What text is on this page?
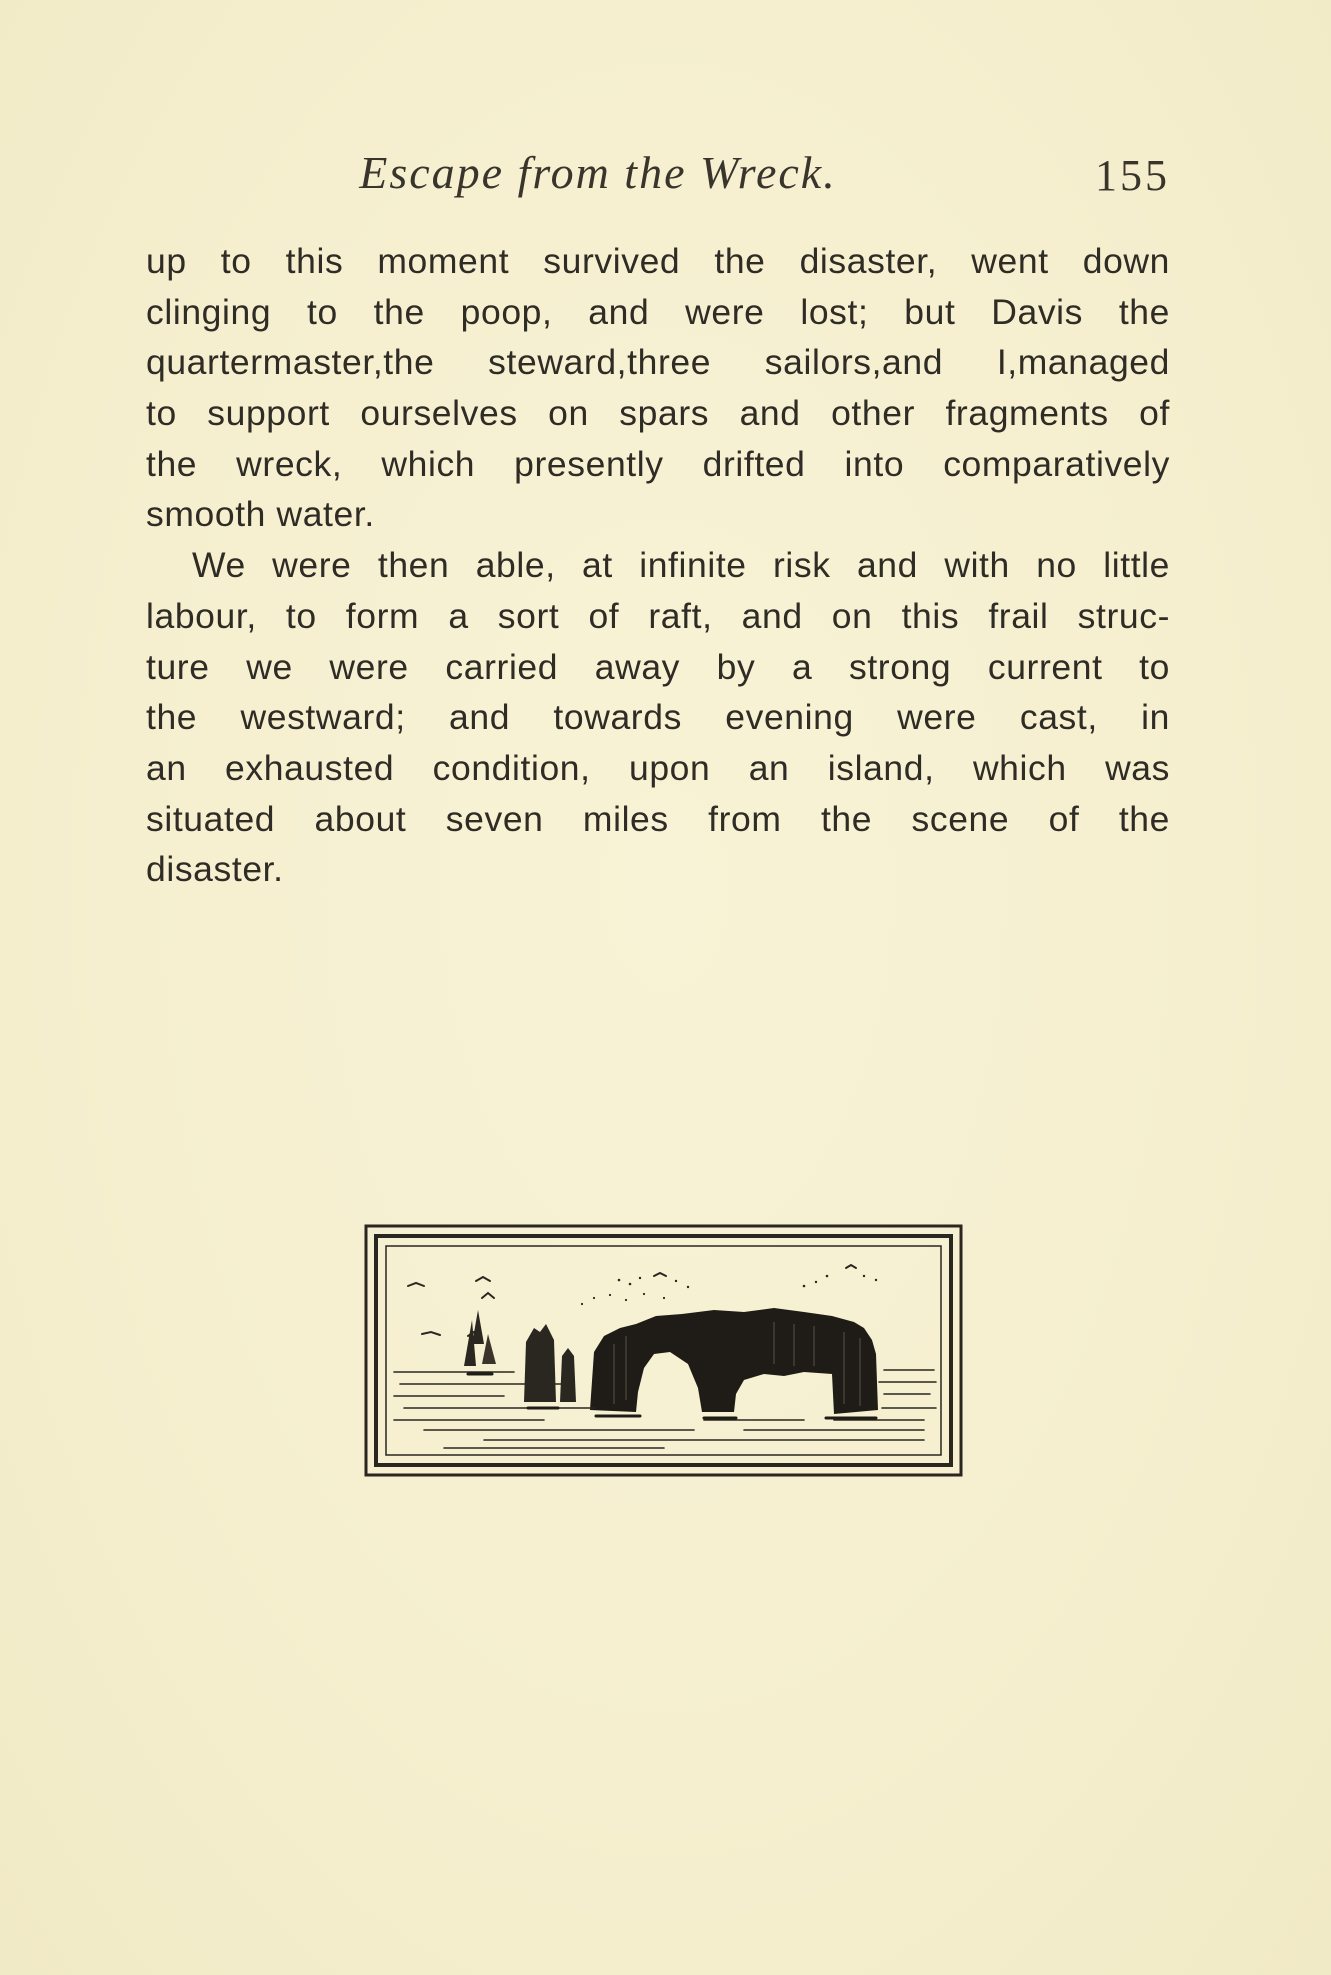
Escape from the Wreck.	155
up to this moment survived the disaster, went down
clinging to the poop, and were lost; but Davis the
quartermaster,the steward,three sailors,and I,managed
to support ourselves on spars and other fragments of
the wreck, which presently drifted into comparatively
smooth water.
We were then able, at infinite risk and with no little
labour, to form a sort of raft, and on this frail struc-
ture we were carried away by a strong current to
the westward; and towards evening were cast, in
an exhausted condition, upon an island, which was
situated about seven miles from the scene of the
disaster.
